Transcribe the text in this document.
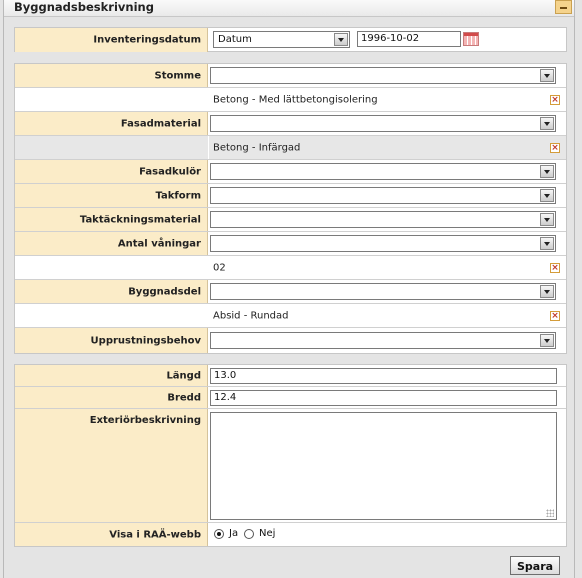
Byggnadsbeskrivning
Inventeringsdatum	Datum	1996-10-02
Stomme
Betong - Med lättbetongisolering	×
Fasadmaterial
Betong - Infärgad	×
Fasadkulör
Takform
Taktäckningsmaterial
Antal våningar
02	×
Byggnadsdel
Absid - Rundad	×
Upprustningsbehov
Längd	13.0
Bredd	12.4
Exteriörbeskrivning
Visa i RAÄ-webb	Ja Nej
Spara
